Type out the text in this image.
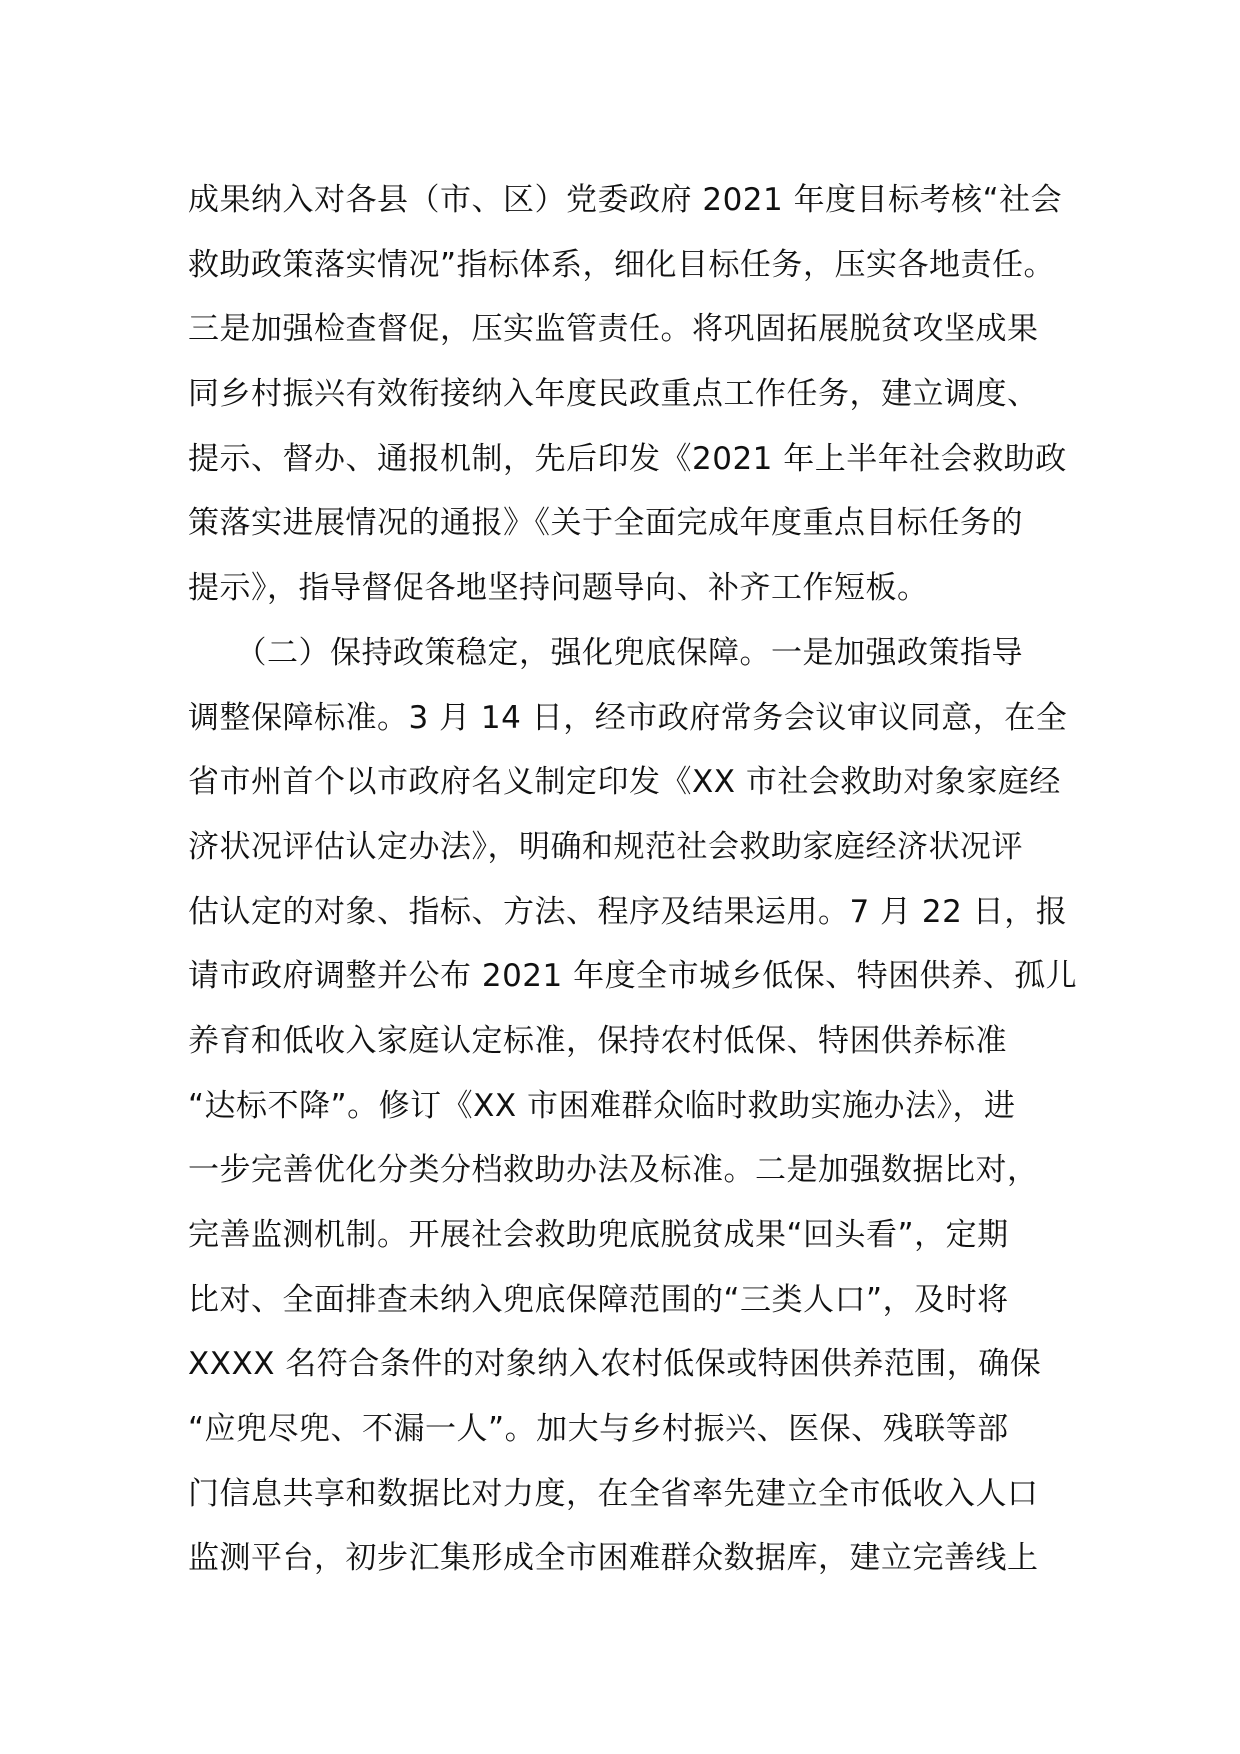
成果纳入对各县（市、区）党委政府 2021 年度目标考核“社会
救助政策落实情况”指标体系，细化目标任务，压实各地责任。
三是加强检查督促，压实监管责任。将巩固拓展脱贫攻坚成果
同乡村振兴有效衔接纳入年度民政重点工作任务，建立调度、
提示、督办、通报机制，先后印发《2021 年上半年社会救助政
策落实进展情况的通报》《关于全面完成年度重点目标任务的
提示》，指导督促各地坚持问题导向、补齐工作短板。
　　（二）保持政策稳定，强化兜底保障。一是加强政策指导
调整保障标准。3 月 14 日，经市政府常务会议审议同意，在全
省市州首个以市政府名义制定印发《XX 市社会救助对象家庭经
济状况评估认定办法》，明确和规范社会救助家庭经济状况评
估认定的对象、指标、方法、程序及结果运用。7 月 22 日，报
请市政府调整并公布 2021 年度全市城乡低保、特困供养、孤儿
养育和低收入家庭认定标准，保持农村低保、特困供养标准
“达标不降”。修订《XX 市困难群众临时救助实施办法》，进
一步完善优化分类分档救助办法及标准。二是加强数据比对，
完善监测机制。开展社会救助兜底脱贫成果“回头看”，定期
比对、全面排查未纳入兜底保障范围的“三类人口”，及时将
XXXX 名符合条件的对象纳入农村低保或特困供养范围，确保
“应兜尽兜、不漏一人”。加大与乡村振兴、医保、残联等部
门信息共享和数据比对力度，在全省率先建立全市低收入人口
监测平台，初步汇集形成全市困难群众数据库，建立完善线上
